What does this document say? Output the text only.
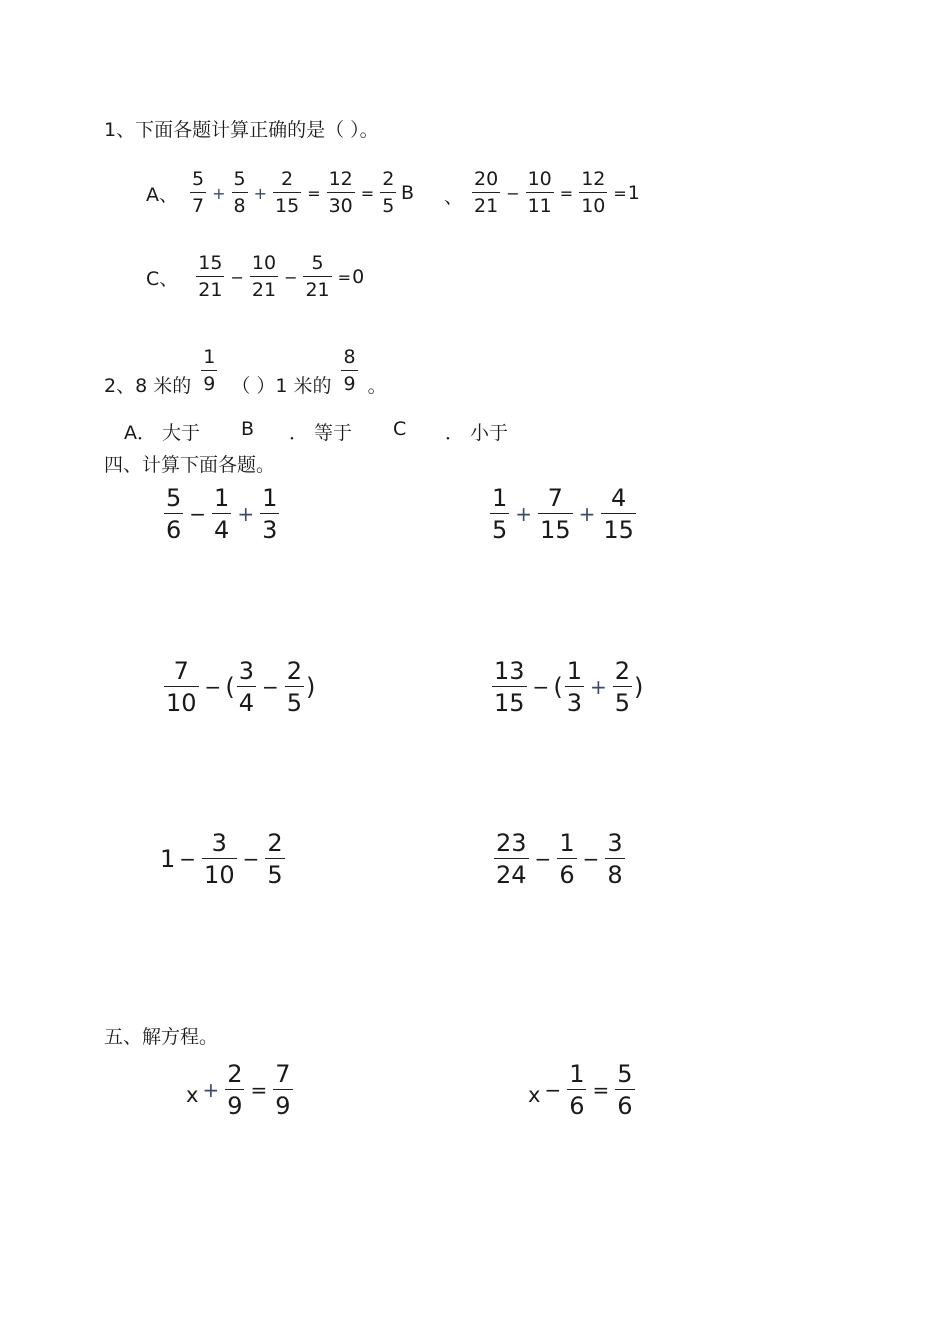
1、下面各题计算正确的是（ ）。
A、 $\frac{5}{7} + \frac{5}{8} + \frac{2}{15} = \frac{12}{30} = \frac{2}{5}$ B 、 $\frac{20}{21} - \frac{10}{11} = \frac{12}{10} = 1$
C、 $\frac{15}{21} - \frac{10}{21} - \frac{5}{21} = 0$
2、8 米的 $\frac{1}{9}$ （ ）1 米的 $\frac{8}{9}$ 。
A． 大于 B ． 等于 C ． 小于
四、计算下面各题。
$\frac{5}{6} - \frac{1}{4} + \frac{1}{3}$	$\frac{1}{5} + \frac{7}{15} + \frac{4}{15}$
$\frac{7}{10}$ − ( $\frac{3}{4} - \frac{2}{5}$ )	$\frac{13}{15}$ − ( $\frac{1}{3} + \frac{2}{5}$ )
$1 - \frac{3}{10} - \frac{2}{5}$	$\frac{23}{24} - \frac{1}{6} - \frac{3}{8}$
五、解方程。
$x + \frac{2}{9} = \frac{7}{9}$	$x - \frac{1}{6} = \frac{5}{6}$
